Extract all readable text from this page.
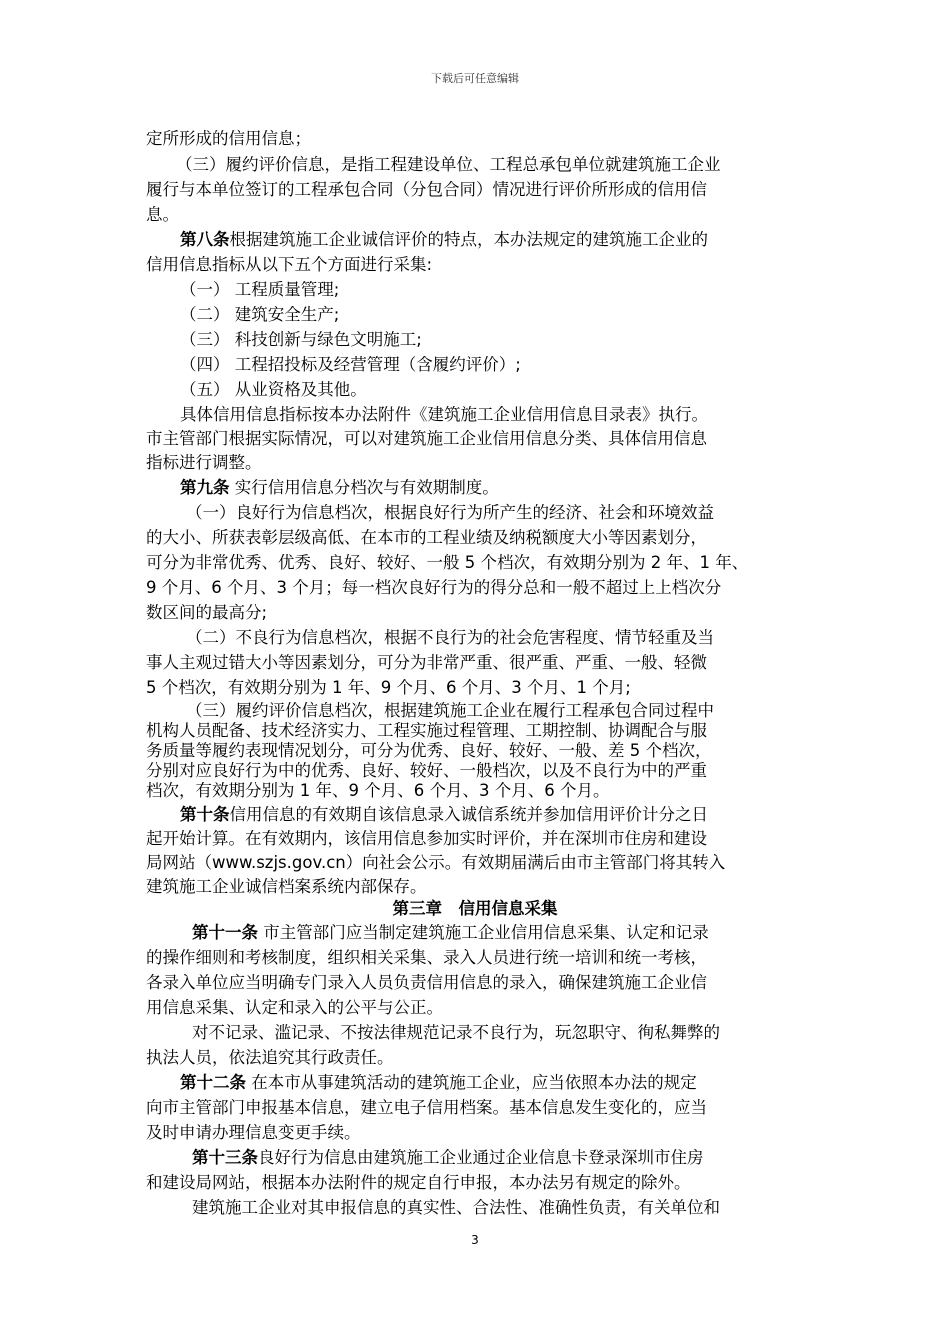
下载后可任意编辑
定所形成的信用信息；
（三）履约评价信息，是指工程建设单位、工程总承包单位就建筑施工企业
履行与本单位签订的工程承包合同（分包合同）情况进行评价所形成的信用信
息。
第八条根据建筑施工企业诚信评价的特点，本办法规定的建筑施工企业的
信用信息指标从以下五个方面进行采集:
（一） 工程质量管理;
（二） 建筑安全生产;
（三） 科技创新与绿色文明施工;
（四） 工程招投标及经营管理（含履约评价）;
（五） 从业资格及其他。
具体信用信息指标按本办法附件《建筑施工企业信用信息目录表》执行。
市主管部门根据实际情况，可以对建筑施工企业信用信息分类、具体信用信息
指标进行调整。
第九条 实行信用信息分档次与有效期制度。
（一）良好行为信息档次，根据良好行为所产生的经济、社会和环境效益
的大小、所获表彰层级高低、在本市的工程业绩及纳税额度大小等因素划分，
可分为非常优秀、优秀、良好、较好、一般 5 个档次，有效期分别为 2 年、1 年、
9 个月、6 个月、3 个月；每一档次良好行为的得分总和一般不超过上上档次分
数区间的最高分;
（二）不良行为信息档次，根据不良行为的社会危害程度、情节轻重及当
事人主观过错大小等因素划分，可分为非常严重、很严重、严重、一般、轻微
5 个档次，有效期分别为 1 年、9 个月、6 个月、3 个月、1 个月;
（三）履约评价信息档次，根据建筑施工企业在履行工程承包合同过程中
机构人员配备、技术经济实力、工程实施过程管理、工期控制、协调配合与服
务质量等履约表现情况划分，可分为优秀、良好、较好、一般、差 5 个档次，
分别对应良好行为中的优秀、良好、较好、一般档次，以及不良行为中的严重
档次，有效期分别为 1 年、9 个月、6 个月、3 个月、6 个月。
第十条信用信息的有效期自该信息录入诚信系统并参加信用评价计分之日
起开始计算。在有效期内，该信用信息参加实时评价，并在深圳市住房和建设
局网站（www.szjs.gov.cn）向社会公示。有效期届满后由市主管部门将其转入
建筑施工企业诚信档案系统内部保存。
第三章　信用信息采集
第十一条 市主管部门应当制定建筑施工企业信用信息采集、认定和记录
的操作细则和考核制度，组织相关采集、录入人员进行统一培训和统一考核，
各录入单位应当明确专门录入人员负责信用信息的录入，确保建筑施工企业信
用信息采集、认定和录入的公平与公正。
对不记录、滥记录、不按法律规范记录不良行为，玩忽职守、徇私舞弊的
执法人员，依法追究其行政责任。
第十二条 在本市从事建筑活动的建筑施工企业，应当依照本办法的规定
向市主管部门申报基本信息，建立电子信用档案。基本信息发生变化的，应当
及时申请办理信息变更手续。
第十三条良好行为信息由建筑施工企业通过企业信息卡登录深圳市住房
和建设局网站，根据本办法附件的规定自行申报，本办法另有规定的除外。
建筑施工企业对其申报信息的真实性、合法性、准确性负责，有关单位和
3
